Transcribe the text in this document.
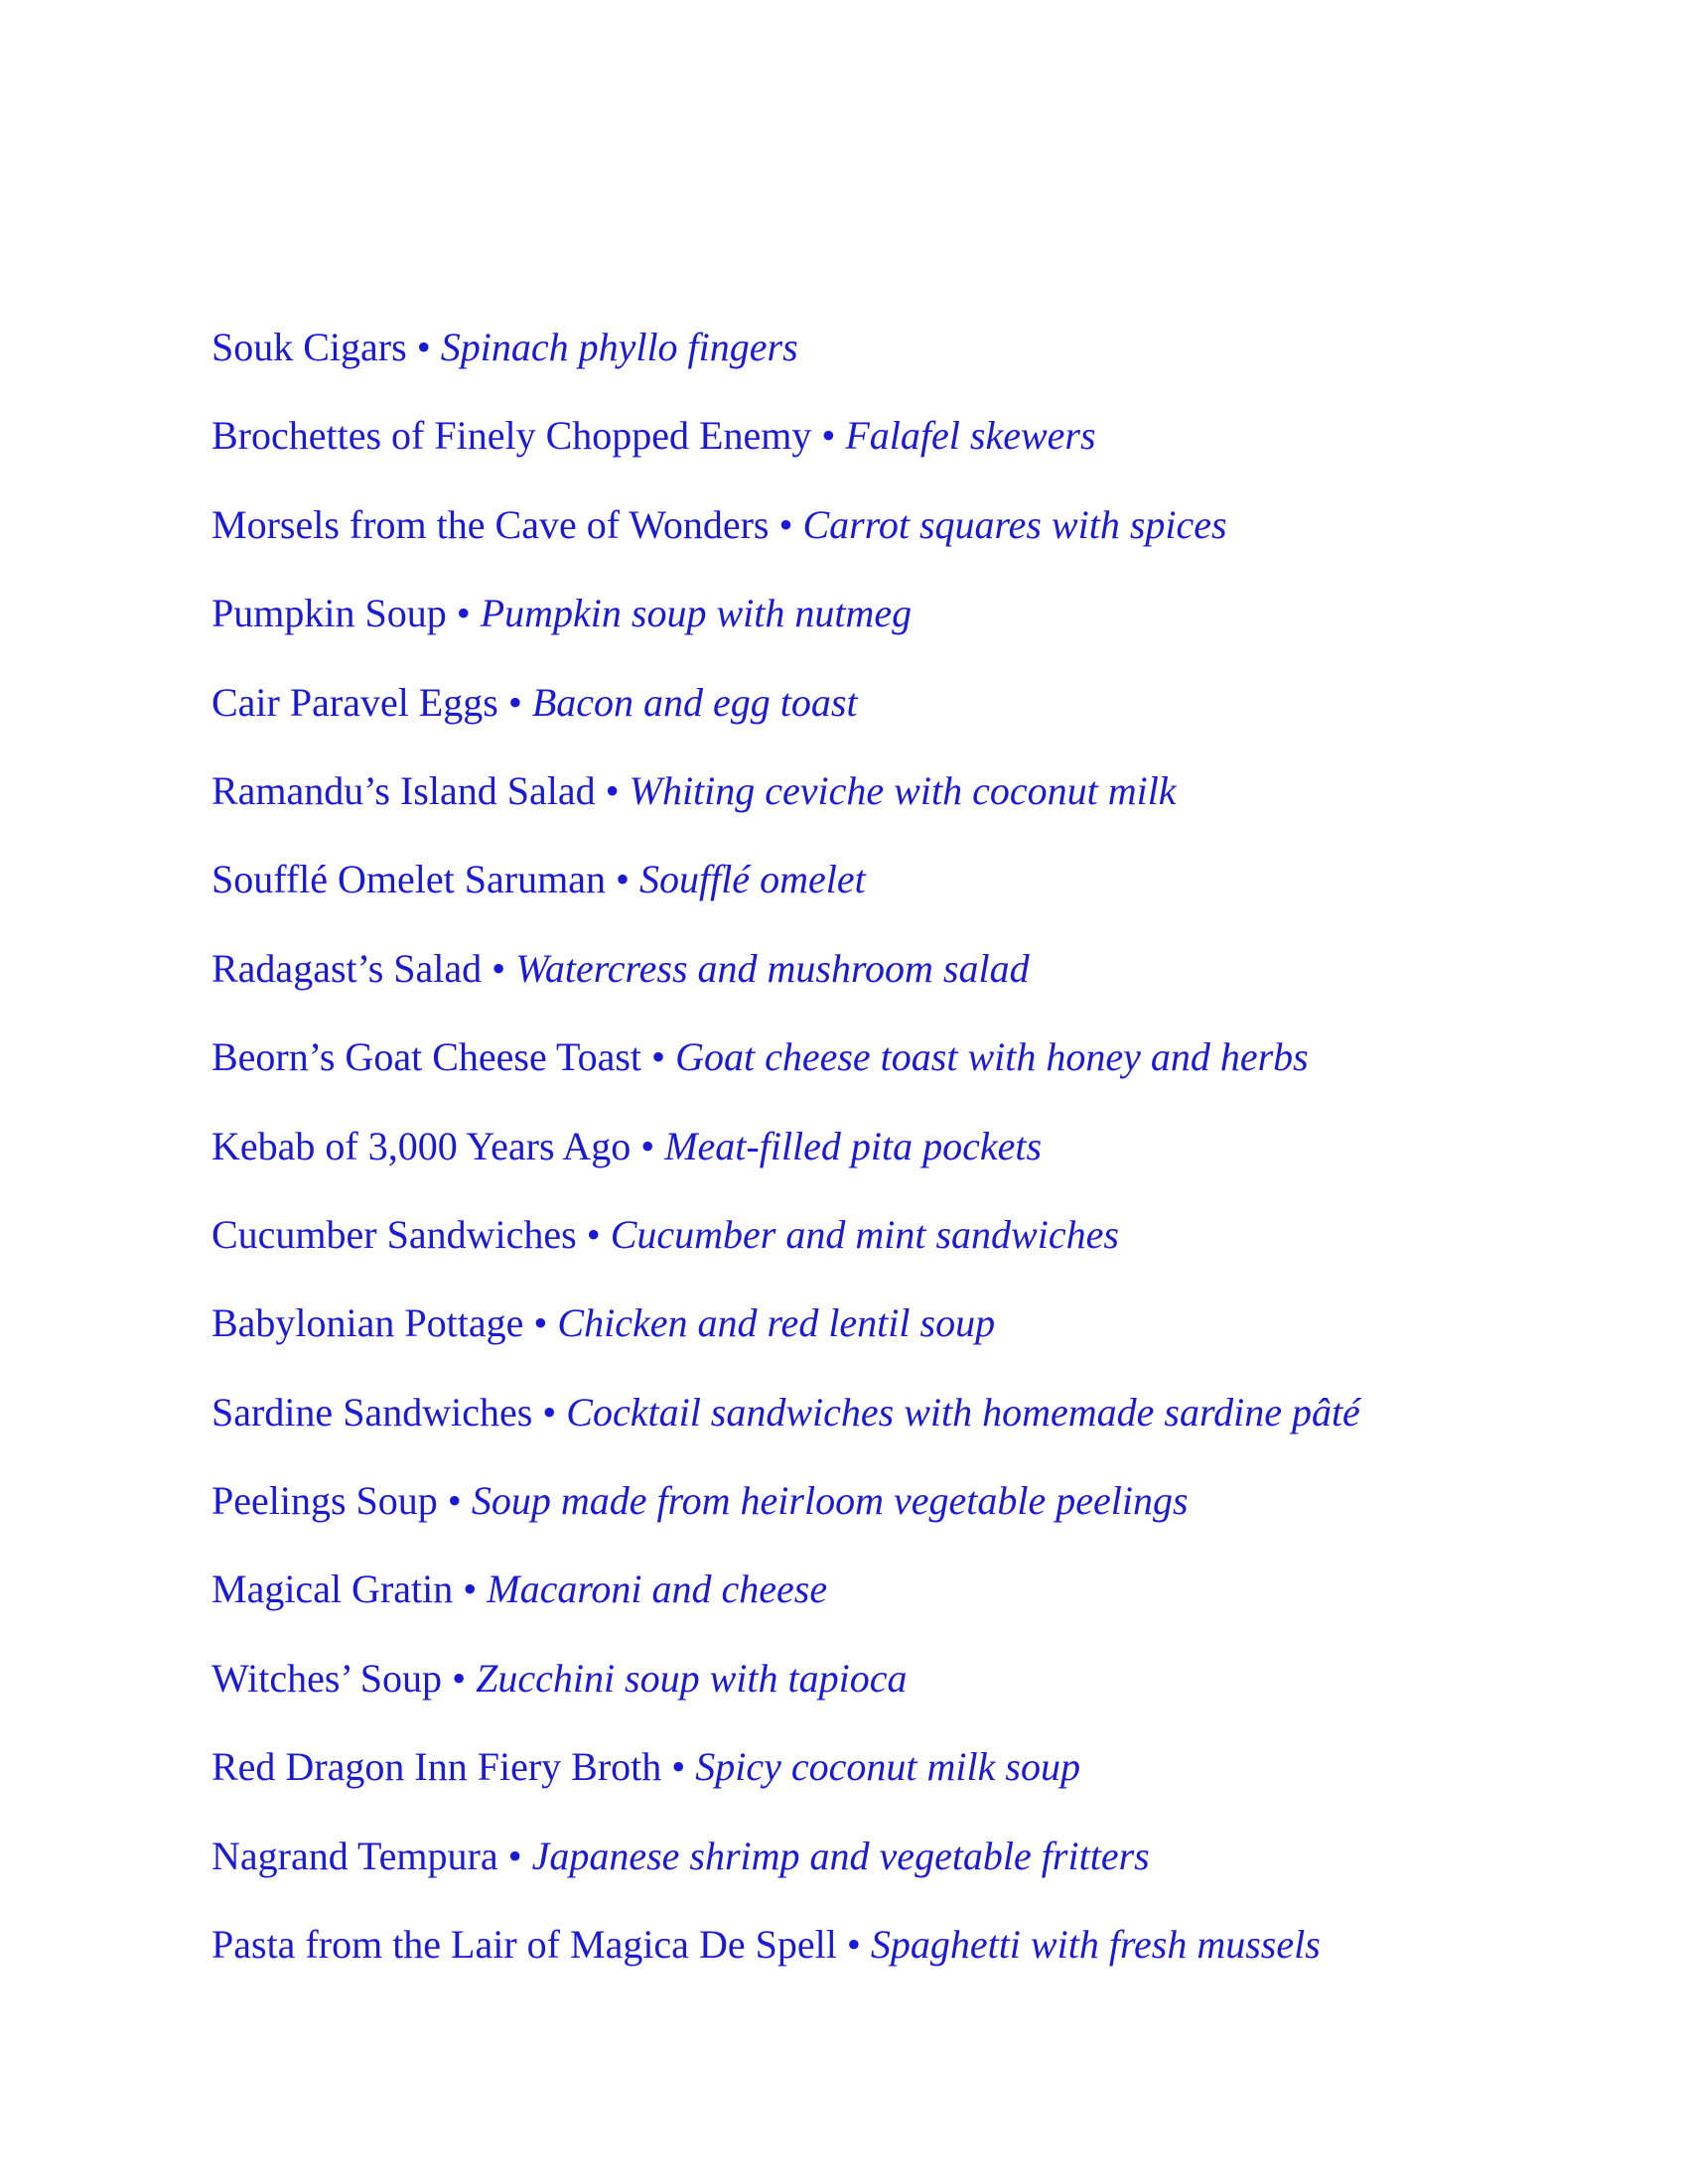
Souk Cigars • Spinach phyllo fingers
Brochettes of Finely Chopped Enemy • Falafel skewers
Morsels from the Cave of Wonders • Carrot squares with spices
Pumpkin Soup • Pumpkin soup with nutmeg
Cair Paravel Eggs • Bacon and egg toast
Ramandu’s Island Salad • Whiting ceviche with coconut milk
Soufflé Omelet Saruman • Soufflé omelet
Radagast’s Salad • Watercress and mushroom salad
Beorn’s Goat Cheese Toast • Goat cheese toast with honey and herbs
Kebab of 3,000 Years Ago • Meat-filled pita pockets
Cucumber Sandwiches • Cucumber and mint sandwiches
Babylonian Pottage • Chicken and red lentil soup
Sardine Sandwiches • Cocktail sandwiches with homemade sardine pâté
Peelings Soup • Soup made from heirloom vegetable peelings
Magical Gratin • Macaroni and cheese
Witches’ Soup • Zucchini soup with tapioca
Red Dragon Inn Fiery Broth • Spicy coconut milk soup
Nagrand Tempura • Japanese shrimp and vegetable fritters
Pasta from the Lair of Magica De Spell • Spaghetti with fresh mussels
